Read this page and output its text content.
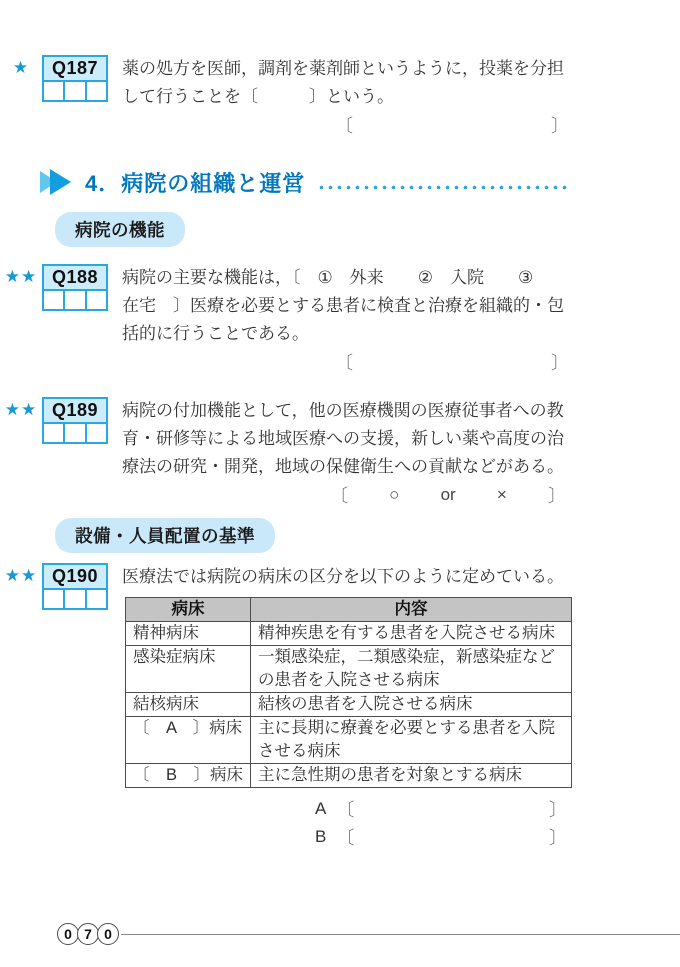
★	Q187	薬の処方を医師，調剤を薬剤師というように，投薬を分担
して行うことを〔　　　〕という。
〔	〕
4．病院の組織と運営
病院の機能
★★ Q188	病院の主要な機能は，〔　①　外来　　②　入院　　③
在宅　〕医療を必要とする患者に検査と治療を組織的・包
括的に行うことである。
〔	〕
★★ Q189	病院の付加機能として，他の医療機関の医療従事者への教
育・研修等による地域医療への支援，新しい薬や高度の治
療法の研究・開発，地域の保健衛生への貢献などがある。
〔 ○ or × 〕
設備・人員配置の基準
★★ Q190	医療法では病院の病床の区分を以下のように定めている。
病床	内容
精神病床	精神疾患を有する患者を入院させる病床
感染症病床	一類感染症，二類感染症，新感染症などの患者を入院させる病床
結核病床	結核の患者を入院させる病床
〔　A　〕病床	主に長期に療養を必要とする患者を入院させる病床
〔　B　〕病床	主に急性期の患者を対象とする病床
A 〔	〕
B 〔	〕
0 7 0
